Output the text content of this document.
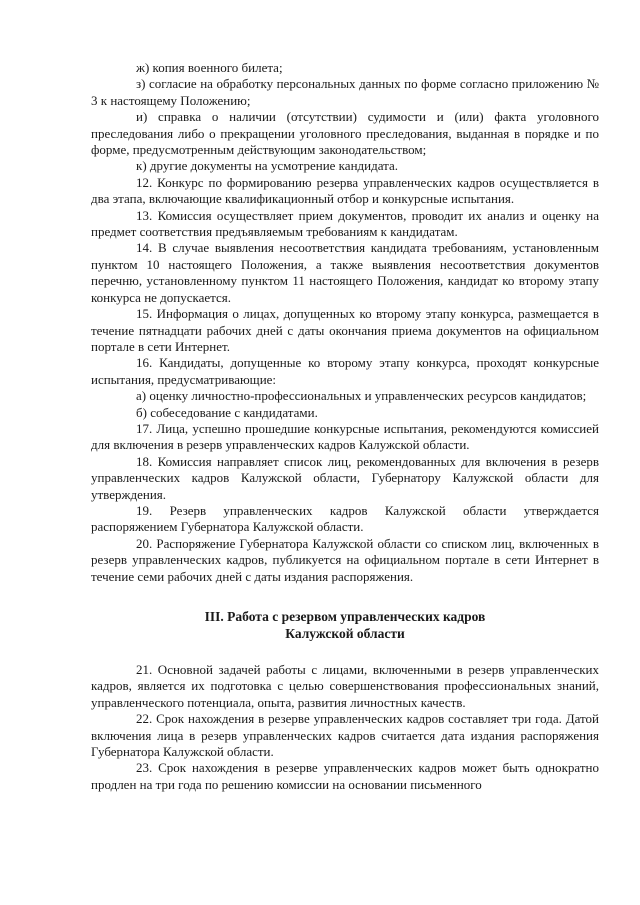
ж) копия военного билета;

з) согласие на обработку персональных данных по форме согласно приложению № 3 к настоящему Положению;

и) справка о наличии (отсутствии) судимости и (или) факта уголовного преследования либо о прекращении уголовного преследования, выданная в порядке и по форме, предусмотренным действующим законодательством;

к) другие документы на усмотрение кандидата.

12. Конкурс по формированию резерва управленческих кадров осуществляется в два этапа, включающие квалификационный отбор и конкурсные испытания.

13. Комиссия осуществляет прием документов, проводит их анализ и оценку на предмет соответствия предъявляемым требованиям к кандидатам.

14. В случае выявления несоответствия кандидата требованиям, установленным пунктом 10 настоящего Положения, а также выявления несоответствия документов перечню, установленному пунктом 11 настоящего Положения, кандидат ко второму этапу конкурса не допускается.

15. Информация о лицах, допущенных ко второму этапу конкурса, размещается в течение пятнадцати рабочих дней с даты окончания приема документов на официальном портале в сети Интернет.

16. Кандидаты, допущенные ко второму этапу конкурса, проходят конкурсные испытания, предусматривающие:

а) оценку личностно-профессиональных и управленческих ресурсов кандидатов;

б) собеседование с кандидатами.

17. Лица, успешно прошедшие конкурсные испытания, рекомендуются комиссией для включения в резерв управленческих кадров Калужской области.

18. Комиссия направляет список лиц, рекомендованных для включения в резерв управленческих кадров Калужской области, Губернатору Калужской области для утверждения.

19. Резерв управленческих кадров Калужской области утверждается распоряжением Губернатора Калужской области.

20. Распоряжение Губернатора Калужской области со списком лиц, включенных в резерв управленческих кадров, публикуется на официальном портале в сети Интернет в течение семи рабочих дней с даты издания распоряжения.

III. Работа с резервом управленческих кадров
Калужской области

21. Основной задачей работы с лицами, включенными в резерв управленческих кадров, является их подготовка с целью совершенствования профессиональных знаний, управленческого потенциала, опыта, развития личностных качеств.

22. Срок нахождения в резерве управленческих кадров составляет три года. Датой включения лица в резерв управленческих кадров считается дата издания распоряжения Губернатора Калужской области.

23. Срок нахождения в резерве управленческих кадров может быть однократно продлен на три года по решению комиссии на основании письменного
